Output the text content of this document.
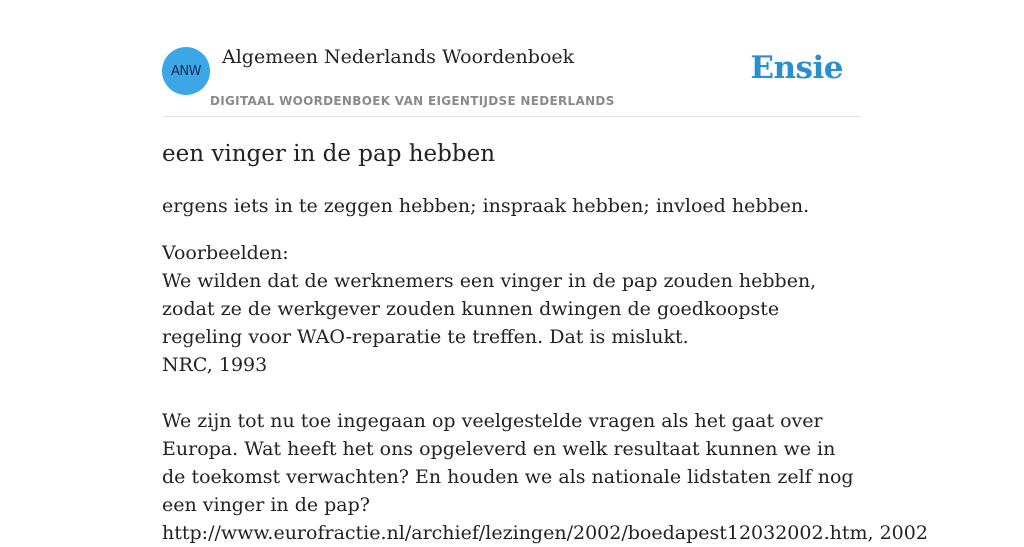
ANW
Algemeen Nederlands Woordenboek
DIGITAAL WOORDENBOEK VAN EIGENTIJDSE NEDERLANDS
Ensie
een vinger in de pap hebben

ergens iets in te zeggen hebben; inspraak hebben; invloed hebben.

Voorbeelden:
We wilden dat de werknemers een vinger in de pap zouden hebben, zodat ze de werkgever zouden kunnen dwingen de goedkoopste regeling voor WAO-reparatie te treffen. Dat is mislukt.
NRC, 1993
We zijn tot nu toe ingegaan op veelgestelde vragen als het gaat over Europa. Wat heeft het ons opgeleverd en welk resultaat kunnen we in de toekomst verwachten? En houden we als nationale lidstaten zelf nog een vinger in de pap?
http://www.eurofractie.nl/archief/lezingen/2002/boedapest12032002.htm, 2002
